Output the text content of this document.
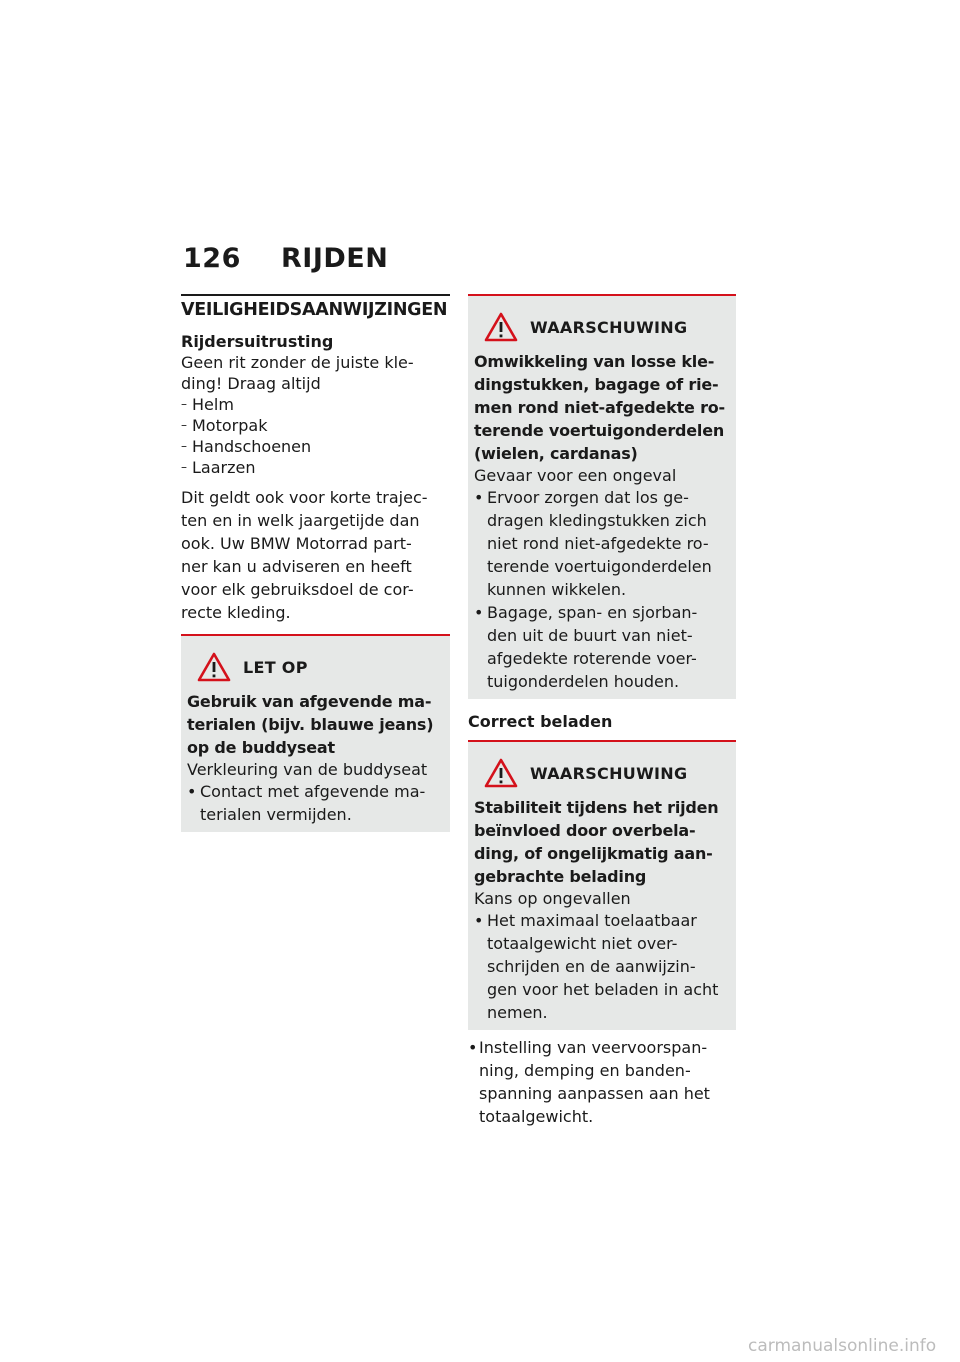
126 RIJDEN
VEILIGHEIDSAANWIJZINGEN
Rijdersuitrusting
Geen rit zonder de juiste kle-
ding! Draag altijd
– Helm
– Motorpak
– Handschoenen
– Laarzen
Dit geldt ook voor korte trajec-
ten en in welk jaargetijde dan
ook. Uw BMW Motorrad part-
ner kan u adviseren en heeft
voor elk gebruiksdoel de cor-
recte kleding.
LET OP
Gebruik van afgevende ma-
terialen (bijv. blauwe jeans)
op de buddyseat
Verkleuring van de buddyseat
• Contact met afgevende ma-
terialen vermijden.
WAARSCHUWING
Omwikkeling van losse kle-
dingstukken, bagage of rie-
men rond niet-afgedekte ro-
terende voertuigonderdelen
(wielen, cardanas)
Gevaar voor een ongeval
• Ervoor zorgen dat los ge-
dragen kledingstukken zich
niet rond niet-afgedekte ro-
terende voertuigonderdelen
kunnen wikkelen.
• Bagage, span- en sjorban-
den uit de buurt van niet-
afgedekte roterende voer-
tuigonderdelen houden.
Correct beladen
WAARSCHUWING
Stabiliteit tijdens het rijden
beïnvloed door overbela-
ding, of ongelijkmatig aan-
gebrachte belading
Kans op ongevallen
• Het maximaal toelaatbaar
totaalgewicht niet over-
schrijden en de aanwijzin-
gen voor het beladen in acht
nemen.
• Instelling van veervoorspan-
ning, demping en banden-
spanning aanpassen aan het
totaalgewicht.
carmanualsonline.info
